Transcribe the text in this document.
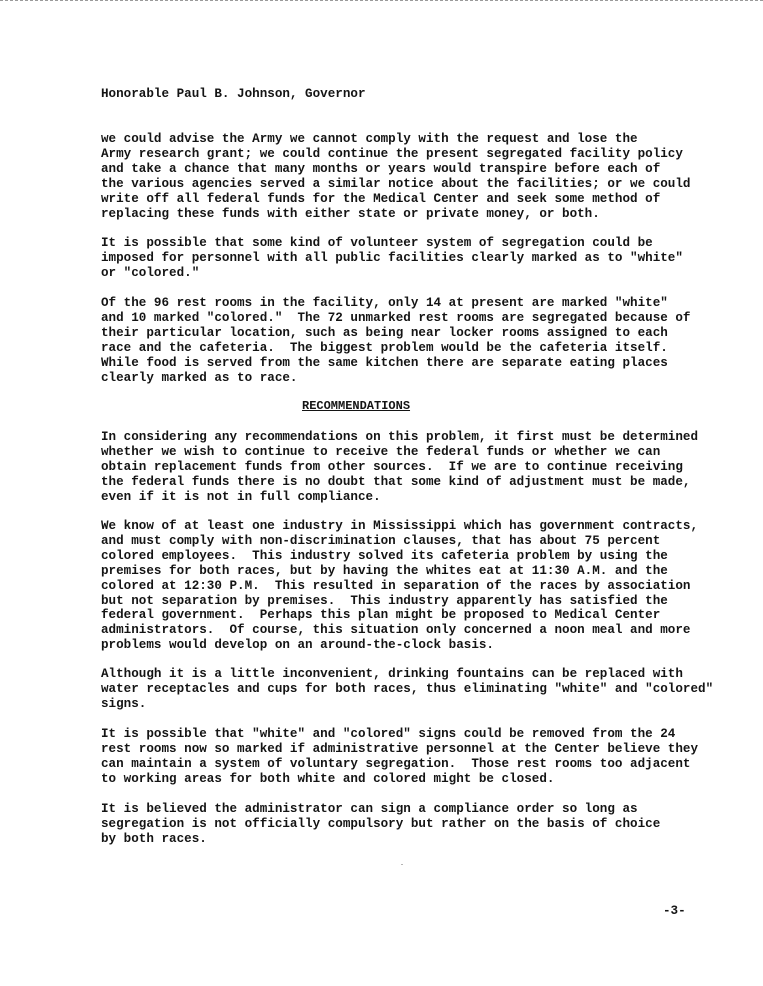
Honorable Paul B. Johnson, Governor
we could advise the Army we cannot comply with the request and lose the
Army research grant; we could continue the present segregated facility policy
and take a chance that many months or years would transpire before each of
the various agencies served a similar notice about the facilities; or we could
write off all federal funds for the Medical Center and seek some method of
replacing these funds with either state or private money, or both.
It is possible that some kind of volunteer system of segregation could be
imposed for personnel with all public facilities clearly marked as to "white"
or "colored."
Of the 96 rest rooms in the facility, only 14 at present are marked "white"
and 10 marked "colored."  The 72 unmarked rest rooms are segregated because of
their particular location, such as being near locker rooms assigned to each
race and the cafeteria.  The biggest problem would be the cafeteria itself.
While food is served from the same kitchen there are separate eating places
clearly marked as to race.
RECOMMENDATIONS
In considering any recommendations on this problem, it first must be determined
whether we wish to continue to receive the federal funds or whether we can
obtain replacement funds from other sources.  If we are to continue receiving
the federal funds there is no doubt that some kind of adjustment must be made,
even if it is not in full compliance.
We know of at least one industry in Mississippi which has government contracts,
and must comply with non-discrimination clauses, that has about 75 percent
colored employees.  This industry solved its cafeteria problem by using the
premises for both races, but by having the whites eat at 11:30 A.M. and the
colored at 12:30 P.M.  This resulted in separation of the races by association
but not separation by premises.  This industry apparently has satisfied the
federal government.  Perhaps this plan might be proposed to Medical Center
administrators.  Of course, this situation only concerned a noon meal and more
problems would develop on an around-the-clock basis.
Although it is a little inconvenient, drinking fountains can be replaced with
water receptacles and cups for both races, thus eliminating "white" and "colored"
signs.
It is possible that "white" and "colored" signs could be removed from the 24
rest rooms now so marked if administrative personnel at the Center believe they
can maintain a system of voluntary segregation.  Those rest rooms too adjacent
to working areas for both white and colored might be closed.
It is believed the administrator can sign a compliance order so long as
segregation is not officially compulsory but rather on the basis of choice
by both races.
-3-
